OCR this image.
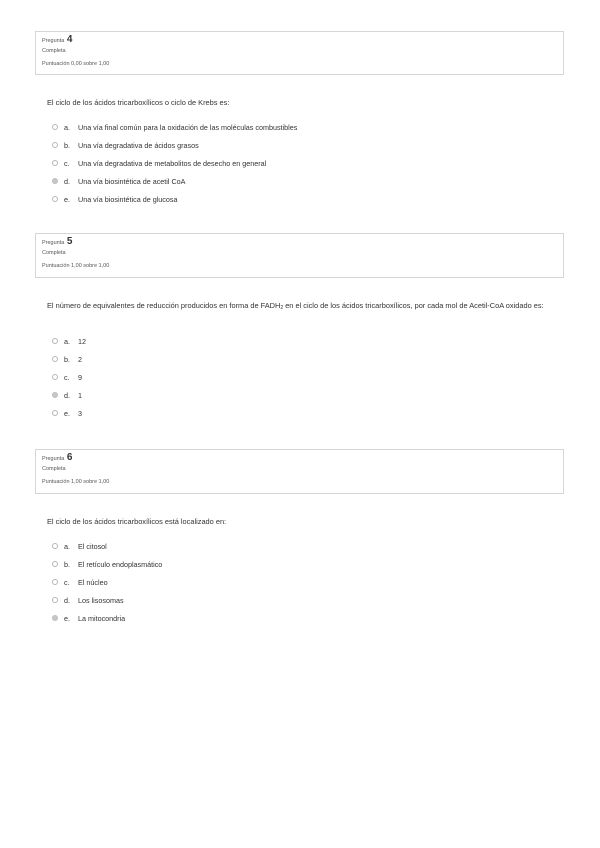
Pregunta 4
Completa
Puntuación 0,00 sobre 1,00
El ciclo de los ácidos tricarboxílicos o ciclo de Krebs es:
a.	Una vía final común para la oxidación de las moléculas combustibles
b.	Una vía degradativa de ácidos grasos
c.	Una vía degradativa de metabolitos de desecho en general
d.	Una vía biosintética de acetil CoA
e.	Una vía biosintética de glucosa
Pregunta 5
Completa
Puntuación 1,00 sobre 1,00
El número de equivalentes de reducción producidos en forma de $FADH_2$ en el ciclo de los ácidos tricarboxílicos, por cada mol de Acetil-CoA oxidado es:
a.	12
b.	2
c.	9
d.	1
e.	3
Pregunta 6
Completa
Puntuación 1,00 sobre 1,00
El ciclo de los ácidos tricarboxílicos está localizado en:
a.	El citosol
b.	El retículo endoplasmático
c.	El núcleo
d.	Los lisosomas
e.	La mitocondria
